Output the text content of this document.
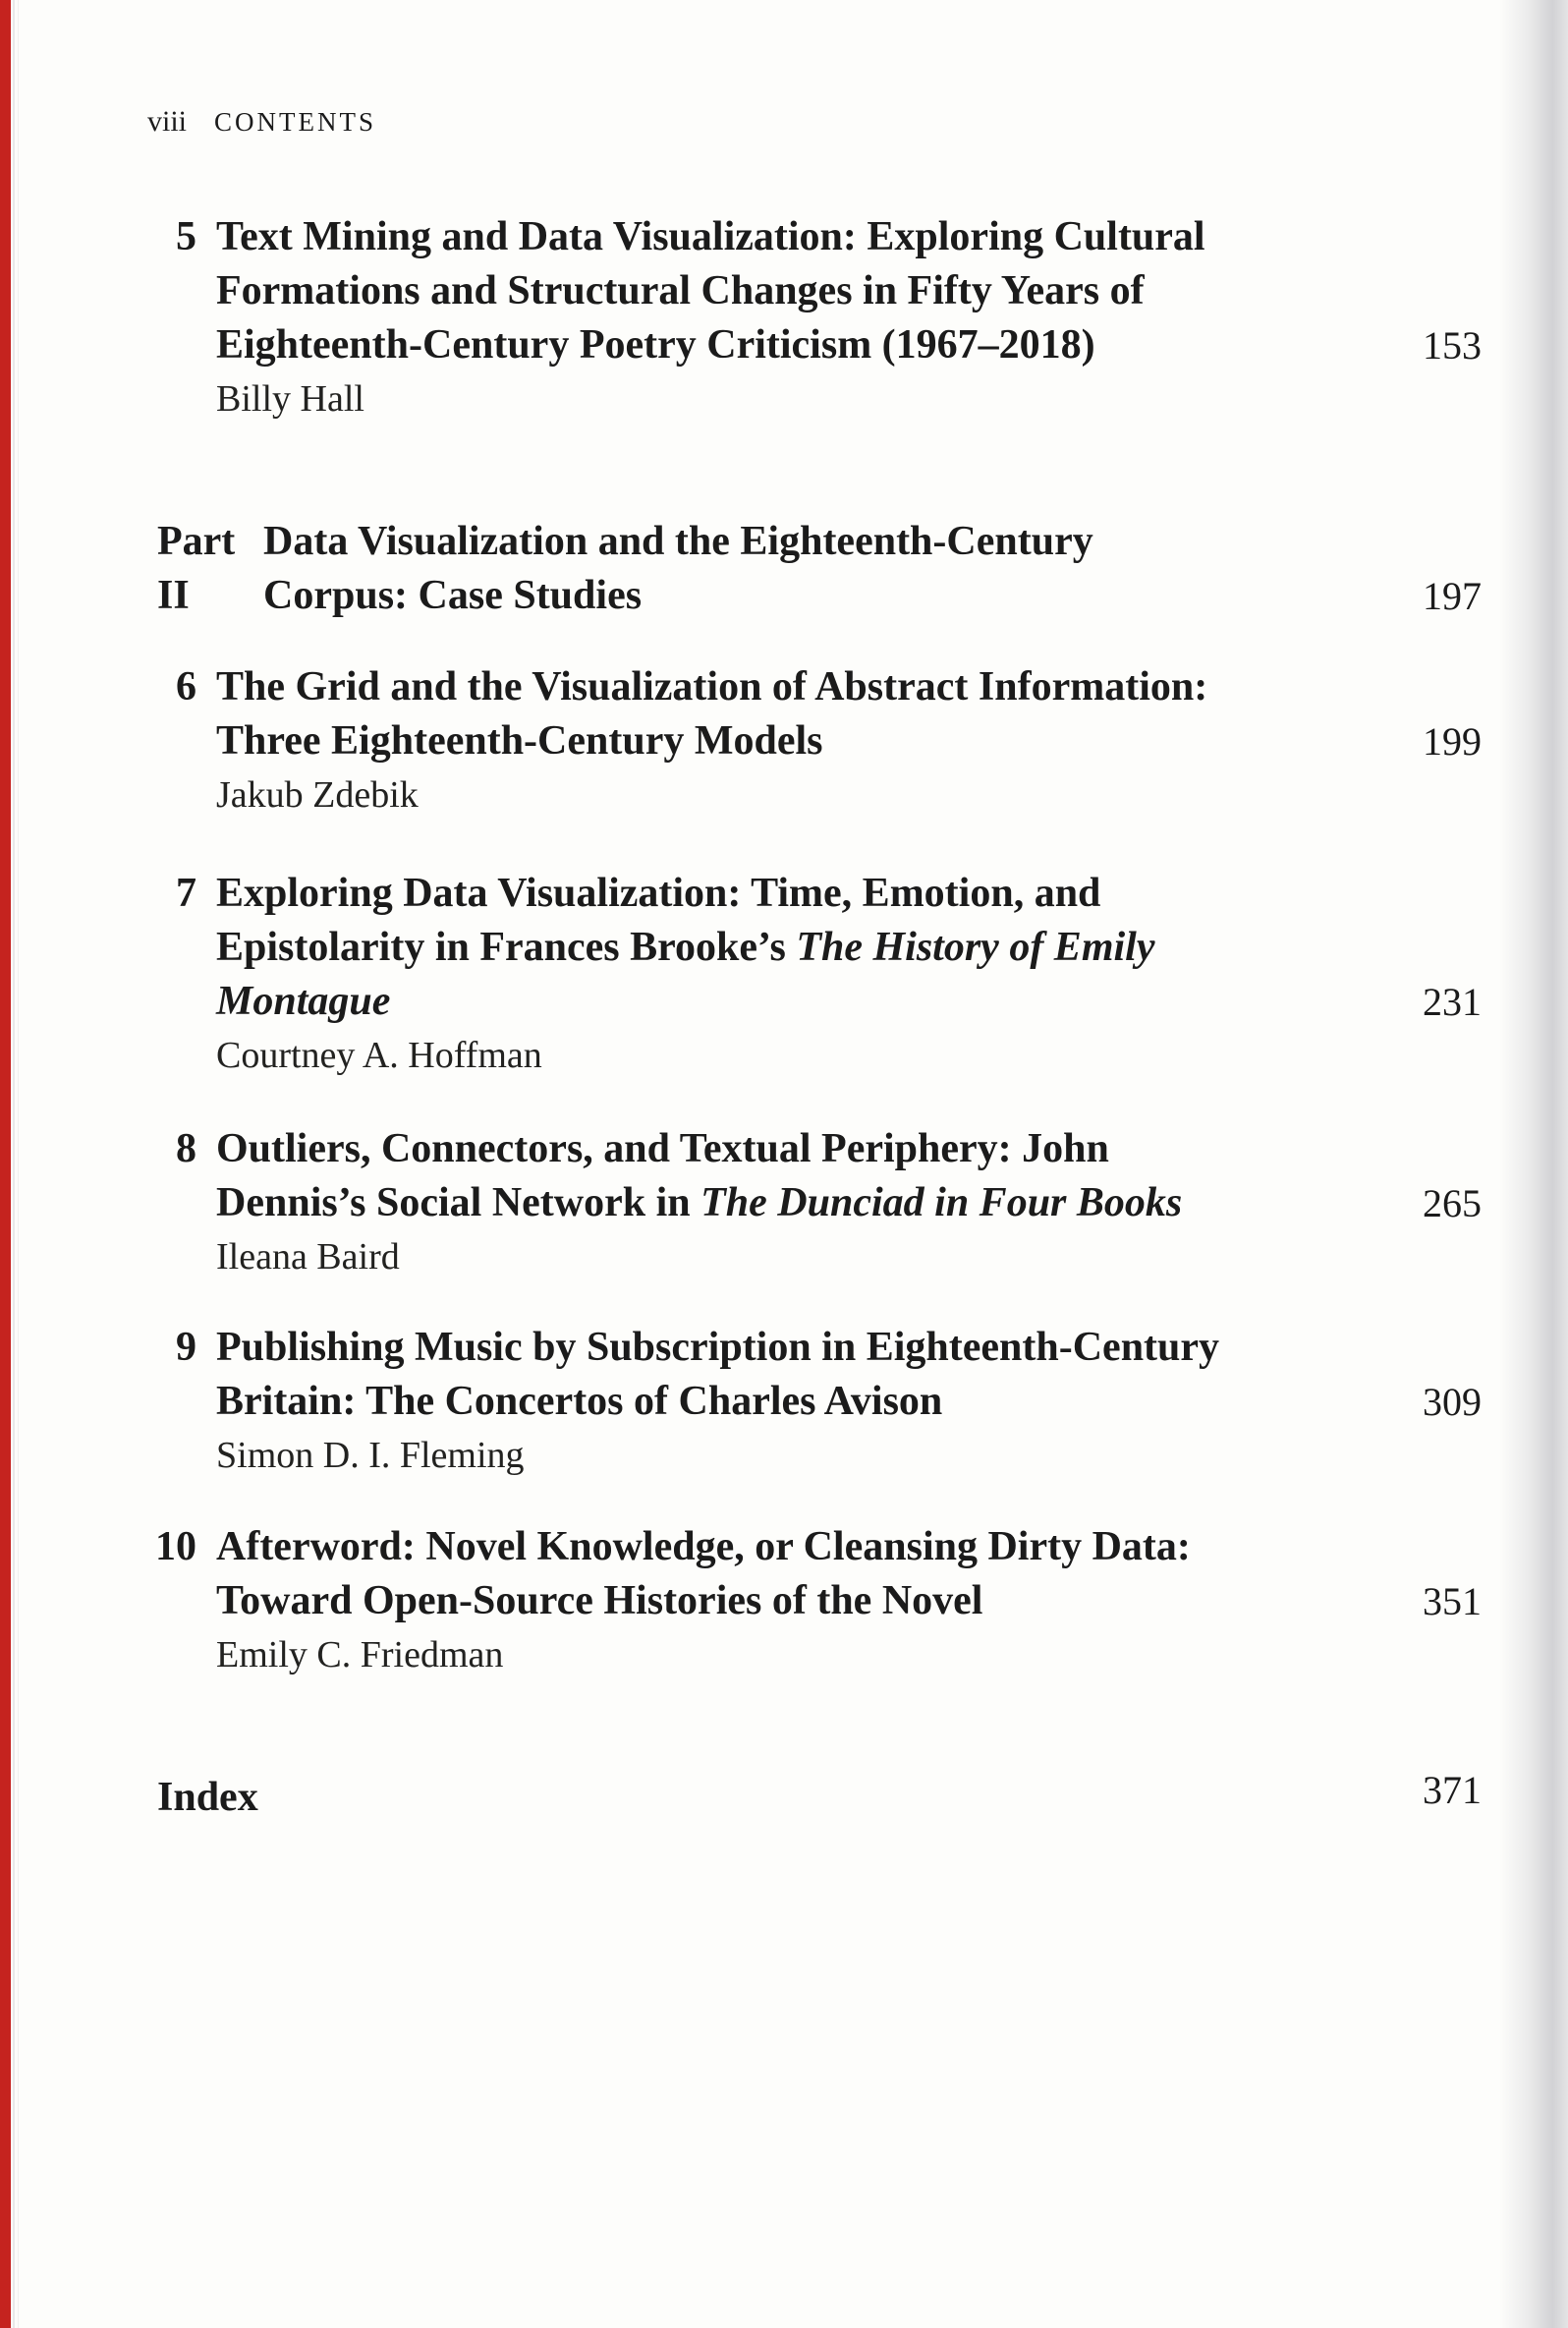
viii CONTENTS
5 Text Mining and Data Visualization: Exploring Cultural
Formations and Structural Changes in Fifty Years of
Eighteenth-Century Poetry Criticism (1967–2018)
Billy Hall
153
Part II
Data Visualization and the Eighteenth-Century
Corpus: Case Studies	197
6 The Grid and the Visualization of Abstract Information:
Three Eighteenth-Century Models
Jakub Zdebik
199
7 Exploring Data Visualization: Time, Emotion, and
Epistolarity in Frances Brooke’s The History of Emily
Montague
Courtney A. Hoffman
231
8 Outliers, Connectors, and Textual Periphery: John
Dennis’s Social Network in The Dunciad in Four Books
Ileana Baird
265
9 Publishing Music by Subscription in Eighteenth-Century
Britain: The Concertos of Charles Avison
Simon D. I. Fleming
309
10 Afterword: Novel Knowledge, or Cleansing Dirty Data:
Toward Open-Source Histories of the Novel
Emily C. Friedman
351
Index	371
